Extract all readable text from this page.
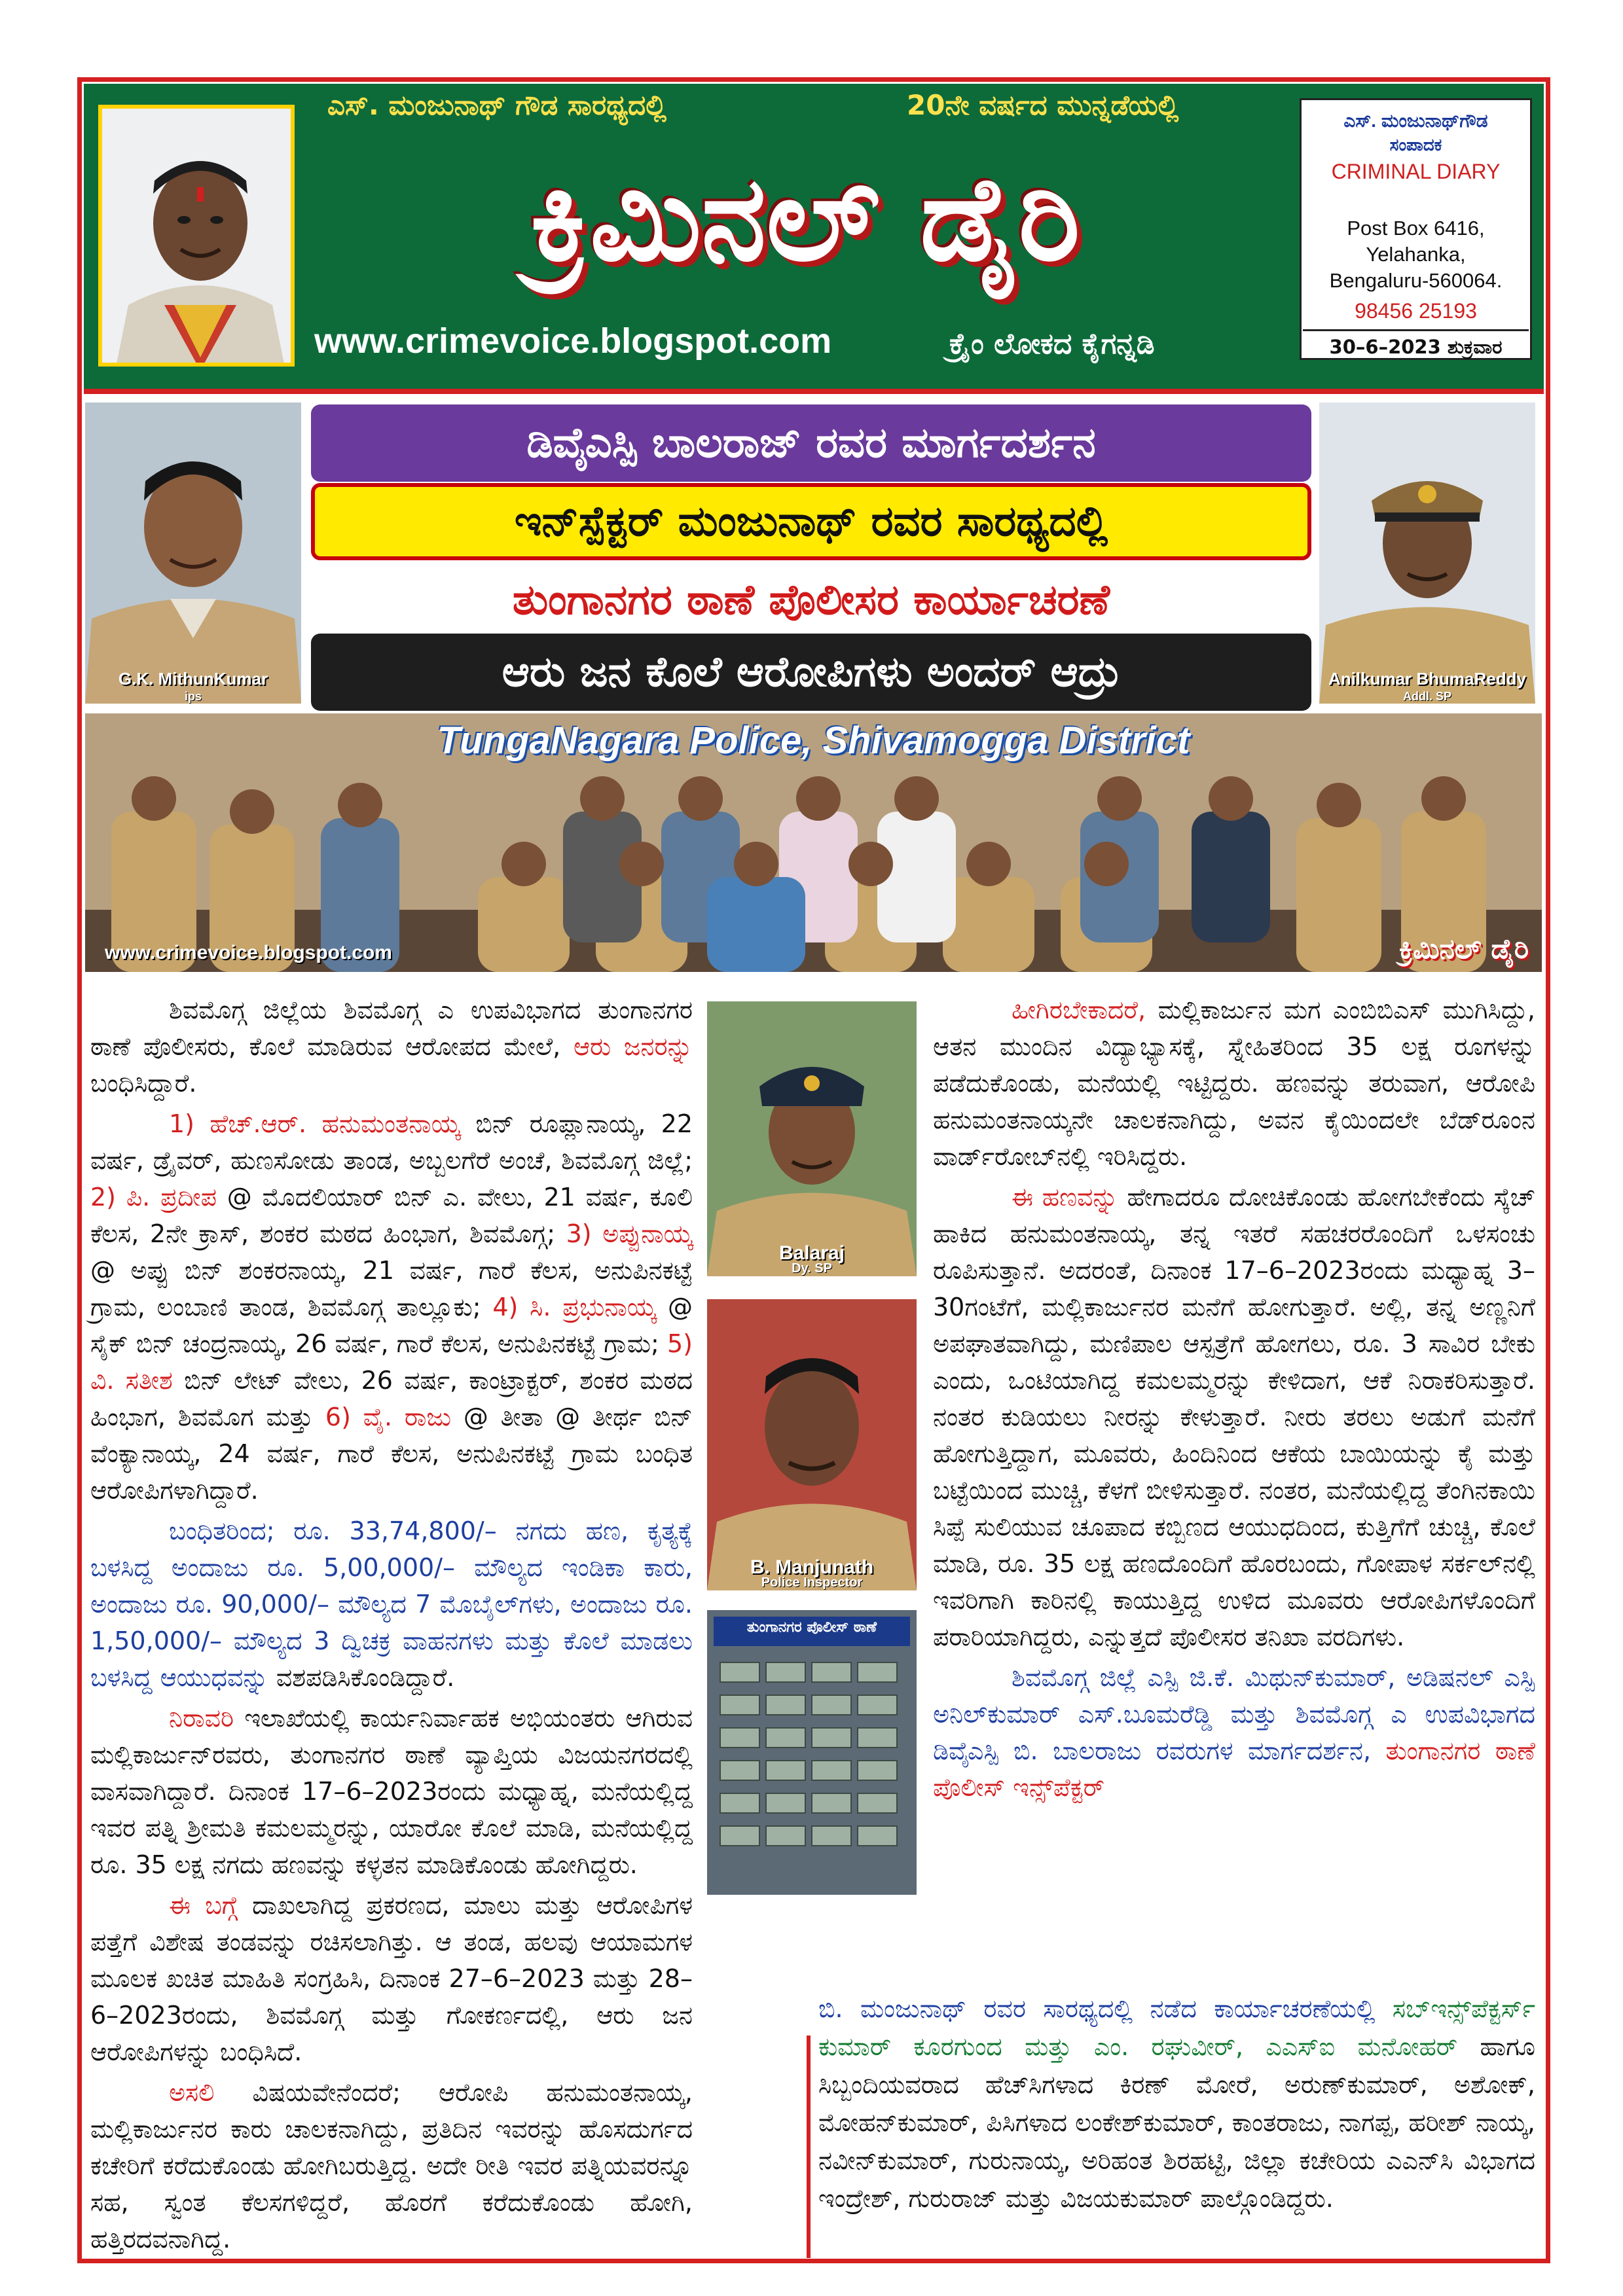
ಎಸ್. ಮಂಜುನಾಥ್ ಗೌಡ ಸಾರಥ್ಯದಲ್ಲಿ	20ನೇ ವರ್ಷದ ಮುನ್ನಡೆಯಲ್ಲಿ
ಕ್ರಿಮಿನಲ್ ಡೈರಿ
www.crimevoice.blogspot.com	ಕ್ರೈಂ ಲೋಕದ ಕೈಗನ್ನಡಿ
ಎಸ್. ಮಂಜುನಾಥ್‌ಗೌಡ
ಸಂಪಾದಕ
CRIMINAL DIARY
Post Box 6416,
Yelahanka,
Bengaluru-560064.
98456 25193
30–6–2023 ಶುಕ್ರವಾರ
G.K. MithunKumar
ips
Anilkumar BhumaReddy
Addl. SP
ಡಿವೈಎಸ್ಪಿ ಬಾಲರಾಜ್ ರವರ ಮಾರ್ಗದರ್ಶನ
ಇನ್‌ಸ್ಪೆಕ್ಟರ್ ಮಂಜುನಾಥ್ ರವರ ಸಾರಥ್ಯದಲ್ಲಿ
ತುಂಗಾನಗರ ಠಾಣೆ ಪೊಲೀಸರ ಕಾರ್ಯಾಚರಣೆ
ಆರು ಜನ ಕೊಲೆ ಆರೋಪಿಗಳು ಅಂದರ್ ಆದ್ರು
TungaNagara Police, Shivamogga District
www.crimevoice.blogspot.com	ಕ್ರಿಮಿನಲ್ ಡೈರಿ

ಶಿವಮೊಗ್ಗ ಜಿಲ್ಲೆಯ ಶಿವಮೊಗ್ಗ ಎ ಉಪವಿಭಾಗದ ತುಂಗಾನಗರ ಠಾಣೆ ಪೊಲೀಸರು, ಕೊಲೆ ಮಾಡಿರುವ ಆರೋಪದ ಮೇಲೆ, ಆರು ಜನರನ್ನು ಬಂಧಿಸಿದ್ದಾರೆ.

1) ಹೆಚ್.ಆರ್. ಹನುಮಂತನಾಯ್ಕ ಬಿನ್ ರೂಪ್ಲಾನಾಯ್ಕ, 22 ವರ್ಷ, ಡ್ರೈವರ್, ಹುಣಸೋಡು ತಾಂಡ, ಅಬ್ಬಲಗೆರೆ ಅಂಚೆ, ಶಿವಮೊಗ್ಗ ಜಿಲ್ಲೆ; 2) ಪಿ. ಪ್ರದೀಪ @ ಮೊದಲಿಯಾರ್ ಬಿನ್ ಎ. ವೇಲು, 21 ವರ್ಷ, ಕೂಲಿ ಕೆಲಸ, 2ನೇ ಕ್ರಾಸ್, ಶಂಕರ ಮಠದ ಹಿಂಭಾಗ, ಶಿವಮೊಗ್ಗ; 3) ಅಪ್ಪುನಾಯ್ಕ @ ಅಪ್ಪು ಬಿನ್ ಶಂಕರನಾಯ್ಕ, 21 ವರ್ಷ, ಗಾರೆ ಕೆಲಸ, ಅನುಪಿನಕಟ್ಟೆ ಗ್ರಾಮ, ಲಂಬಾಣಿ ತಾಂಡ, ಶಿವಮೊಗ್ಗ ತಾಲ್ಲೂಕು; 4) ಸಿ. ಪ್ರಭುನಾಯ್ಕ @ ಸೈಕ್ ಬಿನ್ ಚಂದ್ರನಾಯ್ಕ, 26 ವರ್ಷ, ಗಾರೆ ಕೆಲಸ, ಅನುಪಿನಕಟ್ಟೆ ಗ್ರಾಮ; 5) ವಿ. ಸತೀಶ ಬಿನ್ ಲೇಟ್ ವೇಲು, 26 ವರ್ಷ, ಕಾಂಟ್ರಾಕ್ಟರ್, ಶಂಕರ ಮಠದ ಹಿಂಭಾಗ, ಶಿವಮೊಗ ಮತ್ತು 6) ವೈ. ರಾಜು @ ತೀತಾ @ ತೀರ್ಥ ಬಿನ್ ವೆಂಕ್ಯಾನಾಯ್ಕ, 24 ವರ್ಷ, ಗಾರೆ ಕೆಲಸ, ಅನುಪಿನಕಟ್ಟೆ ಗ್ರಾಮ ಬಂಧಿತ ಆರೋಪಿಗಳಾಗಿದ್ದಾರೆ.

ಬಂಧಿತರಿಂದ; ರೂ. 33,74,800/– ನಗದು ಹಣ, ಕೃತ್ಯಕ್ಕೆ ಬಳಸಿದ್ದ ಅಂದಾಜು ರೂ. 5,00,000/– ಮೌಲ್ಯದ ಇಂಡಿಕಾ ಕಾರು, ಅಂದಾಜು ರೂ. 90,000/– ಮೌಲ್ಯದ 7 ಮೊಬೈಲ್‌ಗಳು, ಅಂದಾಜು ರೂ. 1,50,000/– ಮೌಲ್ಯದ 3 ದ್ವಿಚಕ್ರ ವಾಹನಗಳು ಮತ್ತು ಕೊಲೆ ಮಾಡಲು ಬಳಸಿದ್ದ ಆಯುಧವನ್ನು ವಶಪಡಿಸಿಕೊಂಡಿದ್ದಾರೆ.

ನಿರಾವರಿ ಇಲಾಖೆಯಲ್ಲಿ ಕಾರ್ಯನಿರ್ವಾಹಕ ಅಭಿಯಂತರು ಆಗಿರುವ ಮಲ್ಲಿಕಾರ್ಜುನ್‌ರವರು, ತುಂಗಾನಗರ ಠಾಣೆ ವ್ಯಾಪ್ತಿಯ ವಿಜಯನಗರದಲ್ಲಿ ವಾಸವಾಗಿದ್ದಾರೆ. ದಿನಾಂಕ 17–6–2023ರಂದು ಮಧ್ಯಾಹ್ನ, ಮನೆಯಲ್ಲಿದ್ದ ಇವರ ಪತ್ನಿ ಶ್ರೀಮತಿ ಕಮಲಮ್ಮರನ್ನು, ಯಾರೋ ಕೊಲೆ ಮಾಡಿ, ಮನೆಯಲ್ಲಿದ್ದ ರೂ. 35 ಲಕ್ಷ ನಗದು ಹಣವನ್ನು ಕಳ್ಳತನ ಮಾಡಿಕೊಂಡು ಹೋಗಿದ್ದರು.

ಈ ಬಗ್ಗೆ ದಾಖಲಾಗಿದ್ದ ಪ್ರಕರಣದ, ಮಾಲು ಮತ್ತು ಆರೋಪಿಗಳ ಪತ್ತೆಗೆ ವಿಶೇಷ ತಂಡವನ್ನು ರಚಿಸಲಾಗಿತ್ತು. ಆ ತಂಡ, ಹಲವು ಆಯಾಮಗಳ ಮೂಲಕ ಖಚಿತ ಮಾಹಿತಿ ಸಂಗ್ರಹಿಸಿ, ದಿನಾಂಕ 27–6–2023 ಮತ್ತು 28–6–2023ರಂದು, ಶಿವಮೊಗ್ಗ ಮತ್ತು ಗೋಕರ್ಣದಲ್ಲಿ, ಆರು ಜನ ಆರೋಪಿಗಳನ್ನು ಬಂಧಿಸಿದೆ.

ಅಸಲಿ ವಿಷಯವೇನೆಂದರೆ; ಆರೋಪಿ ಹನುಮಂತನಾಯ್ಕ, ಮಲ್ಲಿಕಾರ್ಜುನರ ಕಾರು ಚಾಲಕನಾಗಿದ್ದು, ಪ್ರತಿದಿನ ಇವರನ್ನು ಹೊಸದುರ್ಗದ ಕಚೇರಿಗೆ ಕರೆದುಕೊಂಡು ಹೋಗಿಬರುತ್ತಿದ್ದ. ಅದೇ ರೀತಿ ಇವರ ಪತ್ನಿಯವರನ್ನೂ ಸಹ, ಸ್ವಂತ ಕೆಲಸಗಳಿದ್ದರೆ, ಹೊರಗೆ ಕರೆದುಕೊಂಡು ಹೋಗಿ, ಹತ್ತಿರದವನಾಗಿದ್ದ.

Balaraj
Dy. SP
B. Manjunath
Police Inspector
ತುಂಗಾನಗರ ಪೊಲೀಸ್ ಠಾಣೆ

ಹೀಗಿರಬೇಕಾದರೆ, ಮಲ್ಲಿಕಾರ್ಜುನ ಮಗ ಎಂಬಿಬಿಎಸ್ ಮುಗಿಸಿದ್ದು, ಆತನ ಮುಂದಿನ ವಿದ್ಯಾಭ್ಯಾಸಕ್ಕೆ, ಸ್ನೇಹಿತರಿಂದ 35 ಲಕ್ಷ ರೂಗಳನ್ನು ಪಡೆದುಕೊಂಡು, ಮನೆಯಲ್ಲಿ ಇಟ್ಟಿದ್ದರು. ಹಣವನ್ನು ತರುವಾಗ, ಆರೋಪಿ ಹನುಮಂತನಾಯ್ಕನೇ ಚಾಲಕನಾಗಿದ್ದು, ಅವನ ಕೈಯಿಂದಲೇ ಬೆಡ್‌ರೂಂನ ವಾರ್ಡ್‌ರೋಬ್‌ನಲ್ಲಿ ಇರಿಸಿದ್ದರು.

ಈ ಹಣವನ್ನು ಹೇಗಾದರೂ ದೋಚಿಕೊಂಡು ಹೋಗಬೇಕೆಂದು ಸ್ಕೆಚ್ ಹಾಕಿದ ಹನುಮಂತನಾಯ್ಕ, ತನ್ನ ಇತರೆ ಸಹಚರರೊಂದಿಗೆ ಒಳಸಂಚು ರೂಪಿಸುತ್ತಾನೆ. ಅದರಂತೆ, ದಿನಾಂಕ 17–6–2023ರಂದು ಮಧ್ಯಾಹ್ನ 3–30ಗಂಟೆಗೆ, ಮಲ್ಲಿಕಾರ್ಜುನರ ಮನೆಗೆ ಹೋಗುತ್ತಾರೆ. ಅಲ್ಲಿ, ತನ್ನ ಅಣ್ಣನಿಗೆ ಅಪಘಾತವಾಗಿದ್ದು, ಮಣಿಪಾಲ ಆಸ್ಪತ್ರೆಗೆ ಹೋಗಲು, ರೂ. 3 ಸಾವಿರ ಬೇಕು ಎಂದು, ಒಂಟಿಯಾಗಿದ್ದ ಕಮಲಮ್ಮರನ್ನು ಕೇಳಿದಾಗ, ಆಕೆ ನಿರಾಕರಿಸುತ್ತಾರೆ. ನಂತರ ಕುಡಿಯಲು ನೀರನ್ನು ಕೇಳುತ್ತಾರೆ. ನೀರು ತರಲು ಅಡುಗೆ ಮನೆಗೆ ಹೋಗುತ್ತಿದ್ದಾಗ, ಮೂವರು, ಹಿಂದಿನಿಂದ ಆಕೆಯ ಬಾಯಿಯನ್ನು ಕೈ ಮತ್ತು ಬಟ್ಟೆಯಿಂದ ಮುಚ್ಚಿ, ಕೆಳಗೆ ಬೀಳಿಸುತ್ತಾರೆ. ನಂತರ, ಮನೆಯಲ್ಲಿದ್ದ ತೆಂಗಿನಕಾಯಿ ಸಿಪ್ಪೆ ಸುಲಿಯುವ ಚೂಪಾದ ಕಬ್ಬಿಣದ ಆಯುಧದಿಂದ, ಕುತ್ತಿಗೆಗೆ ಚುಚ್ಚಿ, ಕೊಲೆ ಮಾಡಿ, ರೂ. 35 ಲಕ್ಷ ಹಣದೊಂದಿಗೆ ಹೊರಬಂದು, ಗೋಪಾಳ ಸರ್ಕಲ್‌ನಲ್ಲಿ ಇವರಿಗಾಗಿ ಕಾರಿನಲ್ಲಿ ಕಾಯುತ್ತಿದ್ದ ಉಳಿದ ಮೂವರು ಆರೋಪಿಗಳೊಂದಿಗೆ ಪರಾರಿಯಾಗಿದ್ದರು, ಎನ್ನುತ್ತದೆ ಪೊಲೀಸರ ತನಿಖಾ ವರದಿಗಳು.

ಶಿವಮೊಗ್ಗ ಜಿಲ್ಲೆ ಎಸ್ಪಿ ಜಿ.ಕೆ. ಮಿಥುನ್‌ಕುಮಾರ್, ಅಡಿಷನಲ್ ಎಸ್ಪಿ ಅನಿಲ್‌ಕುಮಾರ್ ಎಸ್.ಬೂಮರೆಡ್ಡಿ ಮತ್ತು ಶಿವಮೊಗ್ಗ ಎ ಉಪವಿಭಾಗದ ಡಿವೈಎಸ್ಪಿ ಬಿ. ಬಾಲರಾಜು ರವರುಗಳ ಮಾರ್ಗದರ್ಶನ, ತುಂಗಾನಗರ ಠಾಣೆ ಪೊಲೀಸ್ ಇನ್ಸ್‌ಪೆಕ್ಟರ್

ಬಿ. ಮಂಜುನಾಥ್ ರವರ ಸಾರಥ್ಯದಲ್ಲಿ ನಡೆದ ಕಾರ್ಯಾಚರಣೆಯಲ್ಲಿ ಸಬ್‌ಇನ್ಸ್‌ಪೆಕ್ಟರ್ಸ್ ಕುಮಾರ್ ಕೂರಗುಂದ ಮತ್ತು ಎಂ. ರಘುವೀರ್, ಎಎಸ್‌ಐ ಮನೋಹರ್ ಹಾಗೂ ಸಿಬ್ಬಂದಿಯವರಾದ ಹೆಚ್‌ಸಿಗಳಾದ ಕಿರಣ್ ಮೋರೆ, ಅರುಣ್‌ಕುಮಾರ್, ಅಶೋಕ್, ಮೋಹನ್‌ಕುಮಾರ್, ಪಿಸಿಗಳಾದ ಲಂಕೇಶ್‌ಕುಮಾರ್, ಕಾಂತರಾಜು, ನಾಗಪ್ಪ, ಹರೀಶ್ ನಾಯ್ಕ, ನವೀನ್‌ಕುಮಾರ್, ಗುರುನಾಯ್ಕ, ಅರಿಹಂತ ಶಿರಹಟ್ಟಿ, ಜಿಲ್ಲಾ ಕಚೇರಿಯ ಎಎನ್‌ಸಿ ವಿಭಾಗದ ಇಂದ್ರೇಶ್, ಗುರುರಾಜ್ ಮತ್ತು ವಿಜಯಕುಮಾರ್ ಪಾಲ್ಗೊಂಡಿದ್ದರು.
